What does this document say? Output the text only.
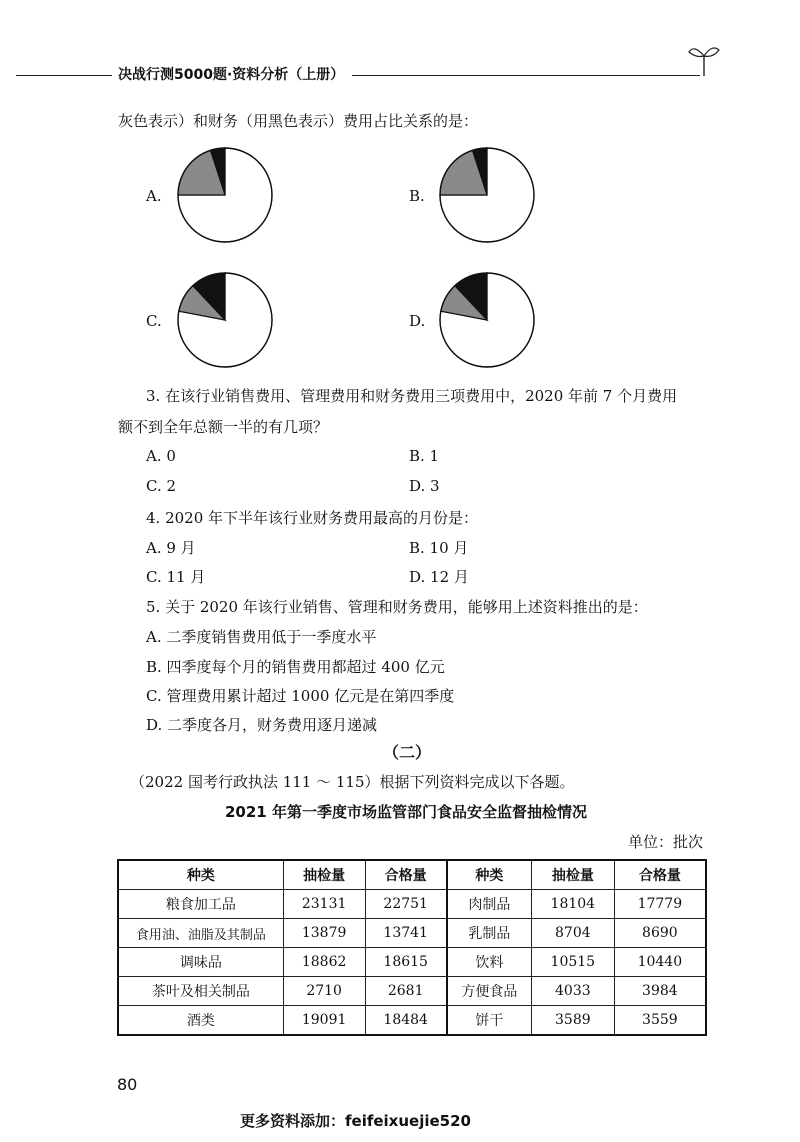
决战行测5000题·资料分析（上册）
灰色表示）和财务（用黑色表示）费用占比关系的是：
A.	B.
C.	D.
3. 在该行业销售费用、管理费用和财务费用三项费用中，2020 年前 7 个月费用
额不到全年总额一半的有几项？
A. 0	B. 1
C. 2	D. 3
4. 2020 年下半年该行业财务费用最高的月份是：
A. 9 月	B. 10 月
C. 11 月	D. 12 月
5. 关于 2020 年该行业销售、管理和财务费用，能够用上述资料推出的是：
A. 二季度销售费用低于一季度水平
B. 四季度每个月的销售费用都超过 400 亿元
C. 管理费用累计超过 1000 亿元是在第四季度
D. 二季度各月，财务费用逐月递减
（二）
（2022 国考行政执法 111 ～ 115）根据下列资料完成以下各题。
2021 年第一季度市场监管部门食品安全监督抽检情况
单位：批次
种类	抽检量	合格量	种类	抽检量	合格量
粮食加工品	23131	22751	肉制品	18104	17779
食用油、油脂及其制品	13879	13741	乳制品	8704	8690
调味品	18862	18615	饮料	10515	10440
茶叶及相关制品	2710	2681	方便食品	4033	3984
酒类	19091	18484	饼干	3589	3559
80
更多资料添加：feifeixuejie520
